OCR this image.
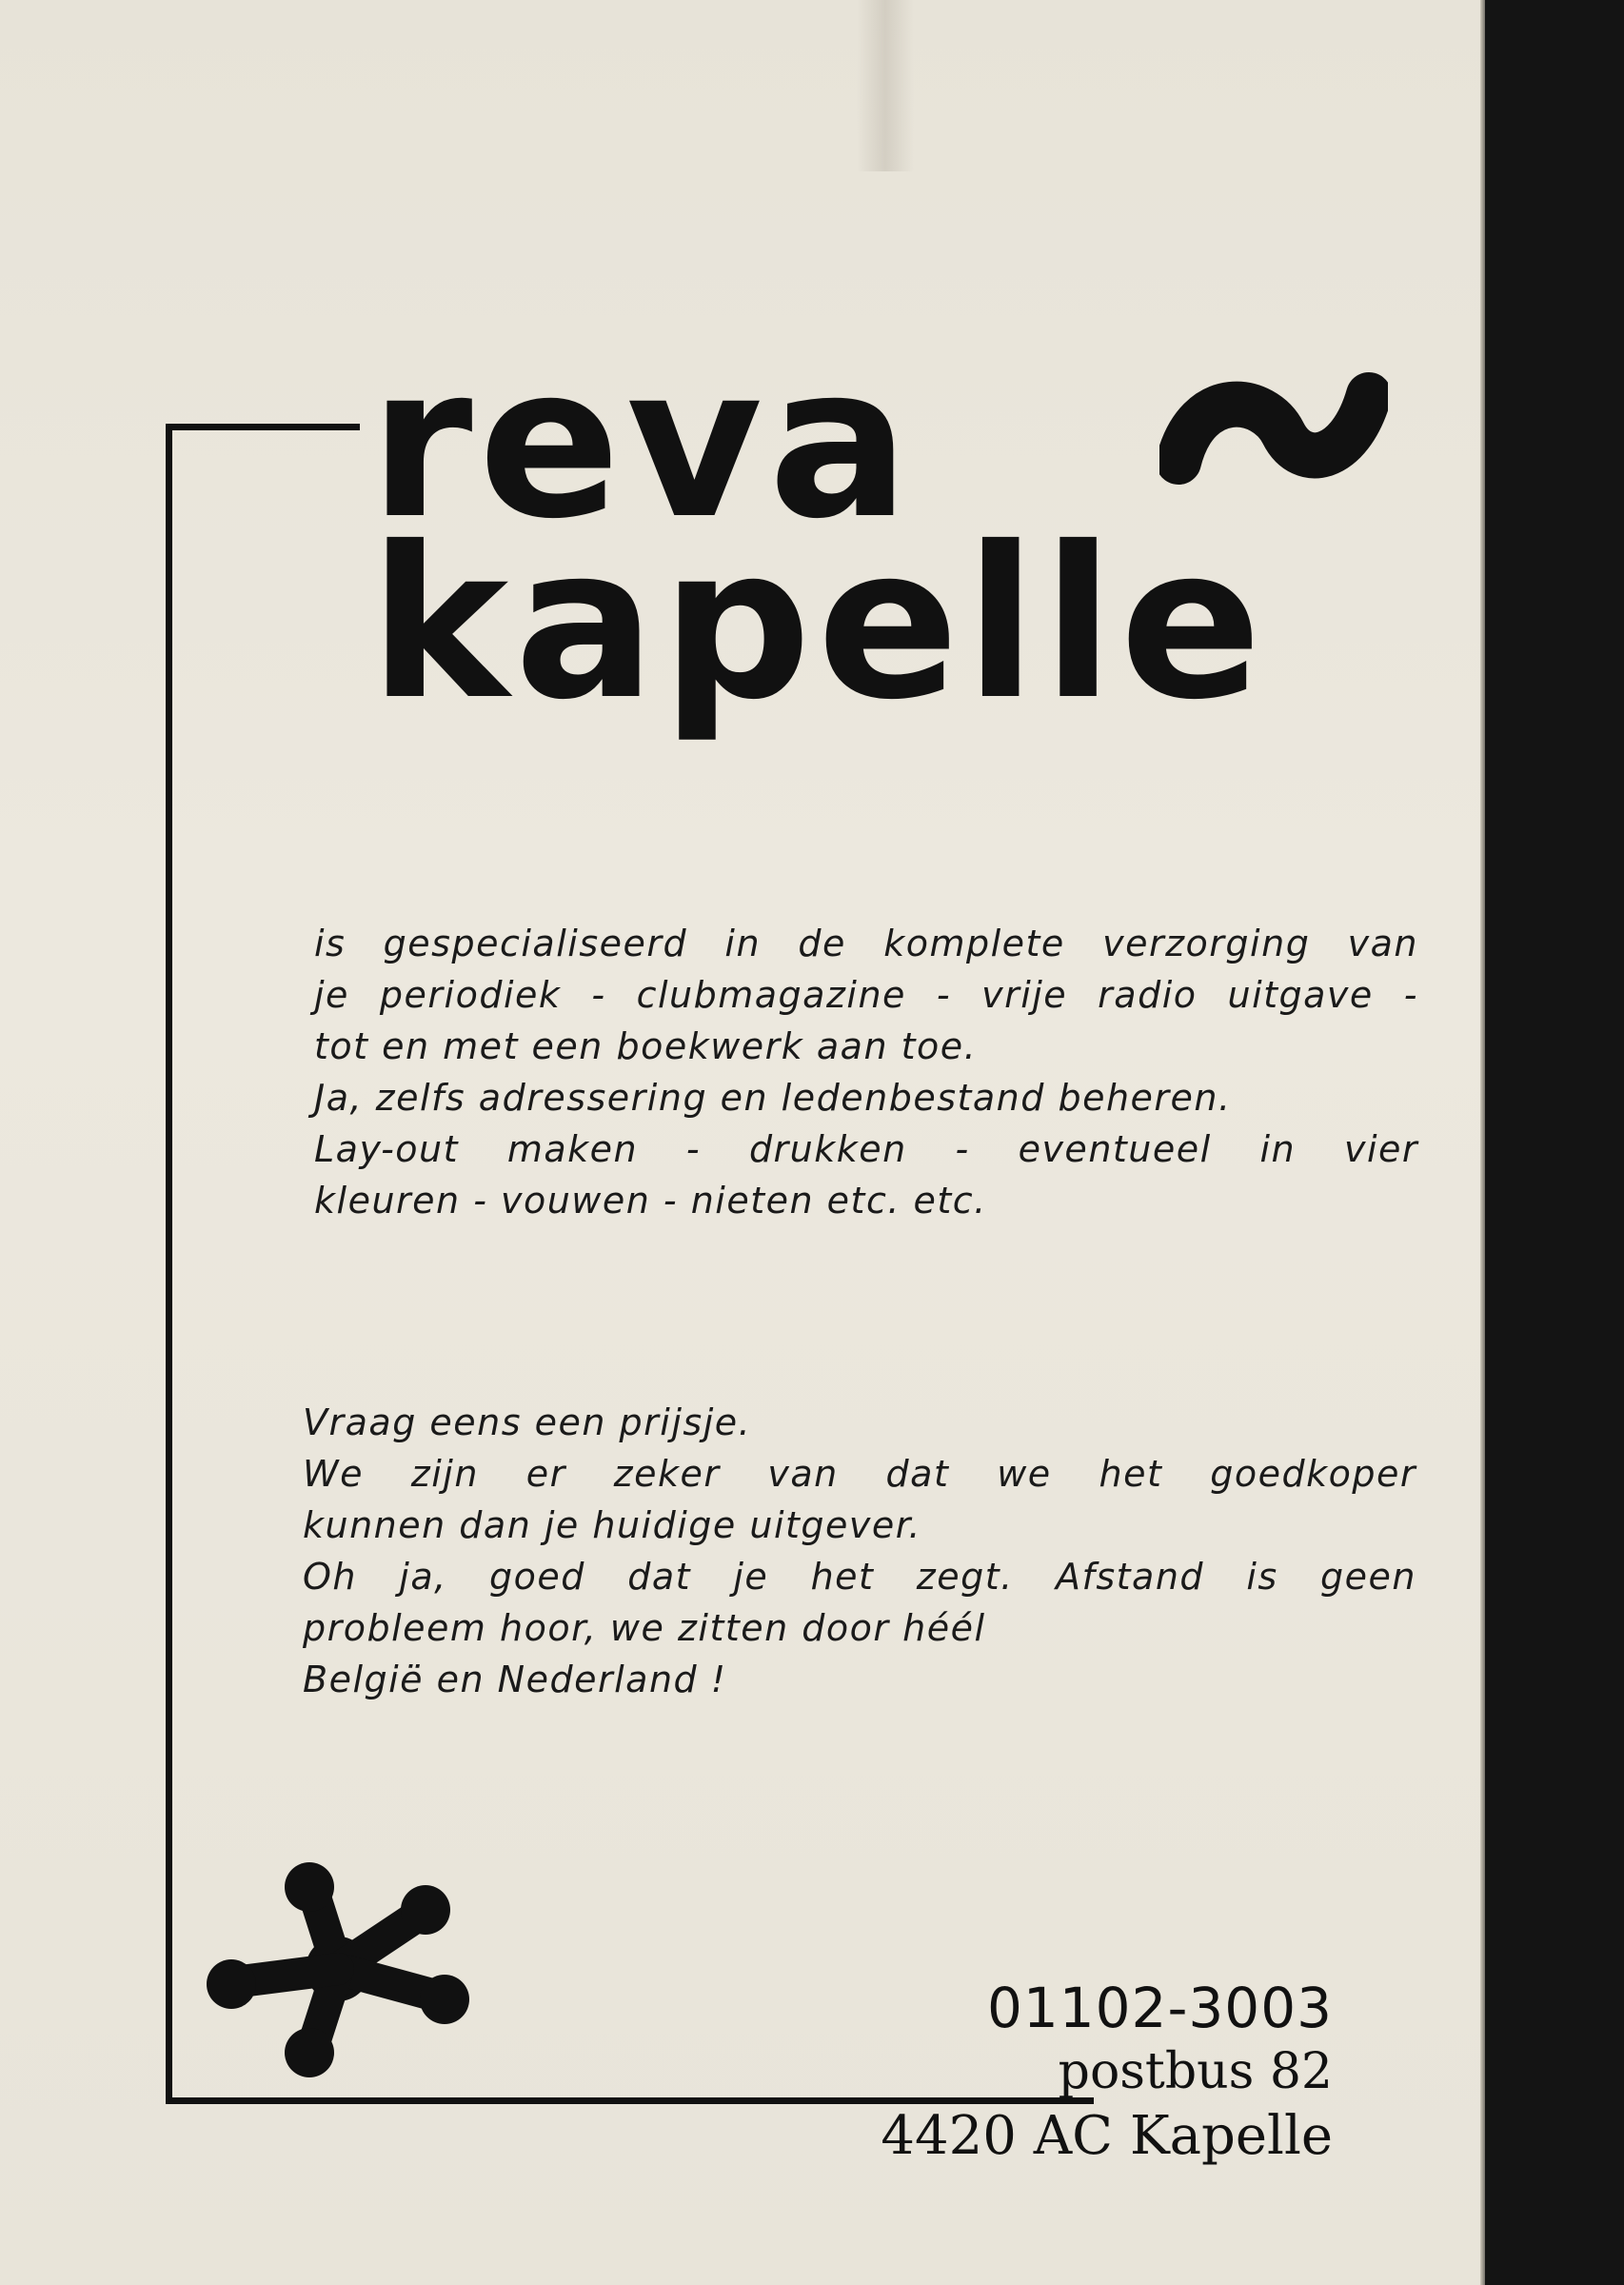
reva
kapelle

is gespecialiseerd in de komplete verzorging van
je periodiek - clubmagazine - vrije radio uitgave -
tot en met een boekwerk aan toe.
Ja, zelfs adressering en ledenbestand beheren.
Lay-out maken - drukken - eventueel in vier
kleuren - vouwen - nieten etc. etc.

Vraag eens een prijsje.
We zijn er zeker van dat we het goedkoper
kunnen dan je huidige uitgever.
Oh ja, goed dat je het zegt. Afstand is geen
probleem hoor, we zitten door héél
België en Nederland !

01102-3003
postbus 82
4420 AC Kapelle
